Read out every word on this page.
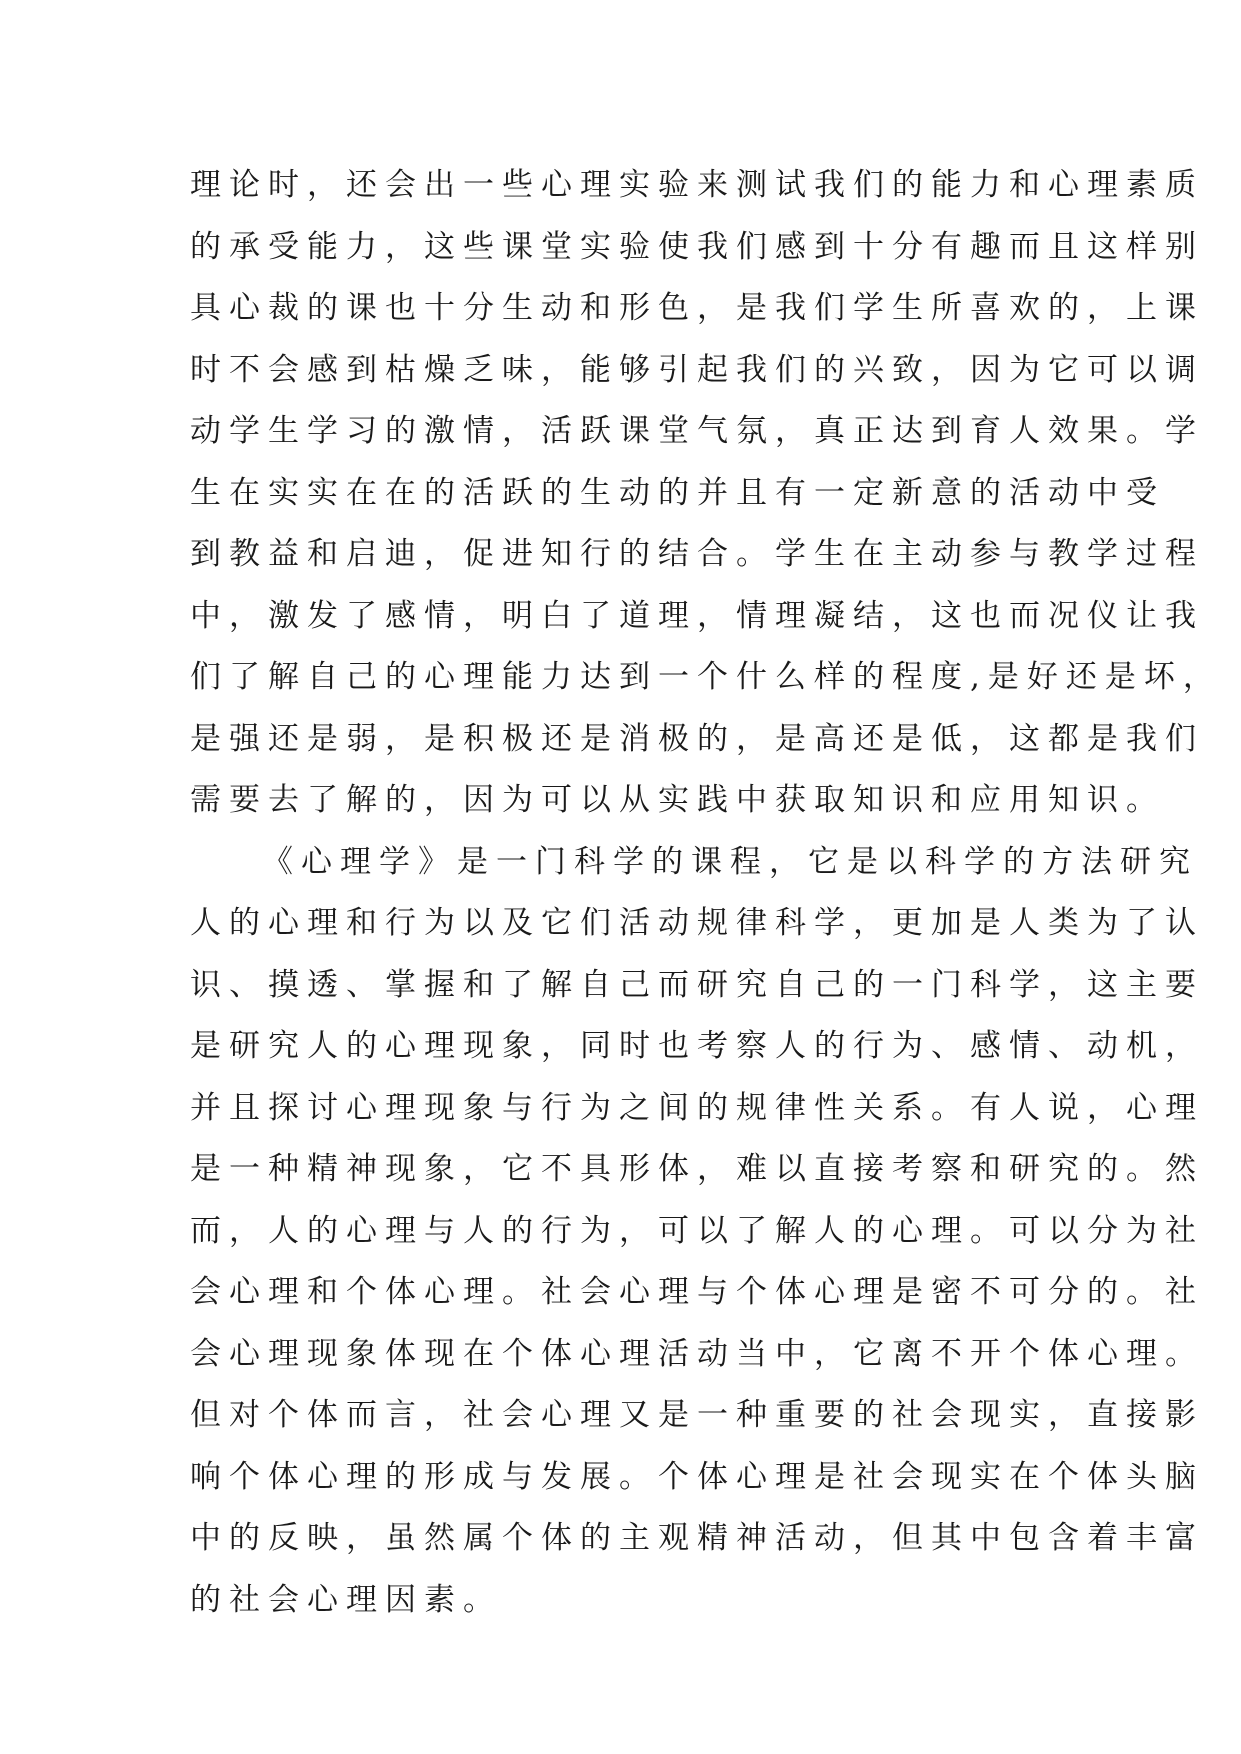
理论时，还会出一些心理实验来测试我们的能力和心理素质
的承受能力，这些课堂实验使我们感到十分有趣而且这样别
具心裁的课也十分生动和形色，是我们学生所喜欢的，上课
时不会感到枯燥乏味，能够引起我们的兴致，因为它可以调
动学生学习的激情，活跃课堂气氛，真正达到育人效果。学
生在实实在在的活跃的生动的并且有一定新意的活动中受
到教益和启迪，促进知行的结合。学生在主动参与教学过程
中，激发了感情，明白了道理，情理凝结，这也而况仪让我
们了解自己的心理能力达到一个什么样的程度,是好还是坏，
是强还是弱，是积极还是消极的，是高还是低，这都是我们
需要去了解的，因为可以从实践中获取知识和应用知识。
《心理学》是一门科学的课程，它是以科学的方法研究
人的心理和行为以及它们活动规律科学，更加是人类为了认
识、摸透、掌握和了解自己而研究自己的一门科学，这主要
是研究人的心理现象，同时也考察人的行为、感情、动机，
并且探讨心理现象与行为之间的规律性关系。有人说，心理
是一种精神现象，它不具形体，难以直接考察和研究的。然
而，人的心理与人的行为，可以了解人的心理。可以分为社
会心理和个体心理。社会心理与个体心理是密不可分的。社
会心理现象体现在个体心理活动当中，它离不开个体心理。
但对个体而言，社会心理又是一种重要的社会现实，直接影
响个体心理的形成与发展。个体心理是社会现实在个体头脑
中的反映，虽然属个体的主观精神活动，但其中包含着丰富
的社会心理因素。
